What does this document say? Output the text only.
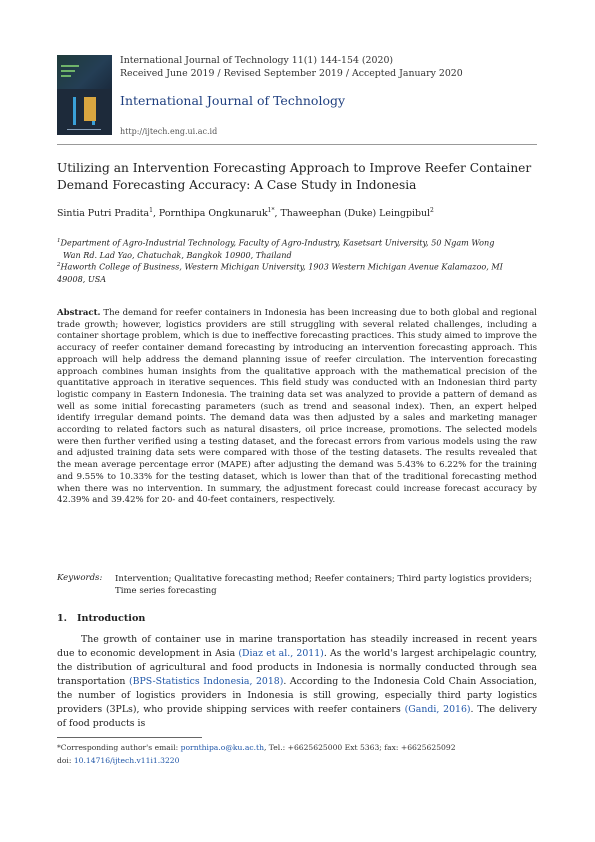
International Journal of Technology 11(1) 144-154 (2020)
Received June 2019 / Revised September 2019 / Accepted January 2020
International Journal of Technology
http://ijtech.eng.ui.ac.id
Utilizing an Intervention Forecasting Approach to Improve Reefer Container
Demand Forecasting Accuracy: A Case Study in Indonesia
Sintia Putri Pradita$^1$, Pornthipa Ongkunaruk$^{1*}$, Thaweephan (Duke) Leingpibul$^2$
$^1$Department of Agro-Industrial Technology, Faculty of Agro-Industry, Kasetsart University, 50 Ngam Wong
Wan Rd. Lad Yao, Chatuchak, Bangkok 10900, Thailand
$^2$Haworth College of Business, Western Michigan University, 1903 Western Michigan Avenue Kalamazoo, MI
49008, USA
Abstract. The demand for reefer containers in Indonesia has been increasing due to both global and regional trade growth; however, logistics providers are still struggling with several related challenges, including a container shortage problem, which is due to ineffective forecasting practices. This study aimed to improve the accuracy of reefer container demand forecasting by introducing an intervention forecasting approach. This approach will help address the demand planning issue of reefer circulation. The intervention forecasting approach combines human insights from the qualitative approach with the mathematical precision of the quantitative approach in iterative sequences. This field study was conducted with an Indonesian third party logistic company in Eastern Indonesia. The training data set was analyzed to provide a pattern of demand as well as some initial forecasting parameters (such as trend and seasonal index). Then, an expert helped identify irregular demand points. The demand data was then adjusted by a sales and marketing manager according to related factors such as natural disasters, oil price increase, promotions. The selected models were then further verified using a testing dataset, and the forecast errors from various models using the raw and adjusted training data sets were compared with those of the testing datasets. The results revealed that the mean average percentage error (MAPE) after adjusting the demand was 5.43% to 6.22% for the training and 9.55% to 10.33% for the testing dataset, which is lower than that of the traditional forecasting method when there was no intervention. In summary, the adjustment forecast could increase forecast accuracy by 42.39% and 39.42% for 20- and 40-feet containers, respectively.
Keywords: Intervention; Qualitative forecasting method; Reefer containers; Third party logistics providers; Time series forecasting
1. Introduction
The growth of container use in marine transportation has steadily increased in recent years due to economic development in Asia (Diaz et al., 2011). As the world's largest archipelagic country, the distribution of agricultural and food products in Indonesia is normally conducted through sea transportation (BPS-Statistics Indonesia, 2018). According to the Indonesia Cold Chain Association, the number of logistics providers in Indonesia is still growing, especially third party logistics providers (3PLs), who provide shipping services with reefer containers (Gandi, 2016). The delivery of food products is
*Corresponding author's email: pornthipa.o@ku.ac.th, Tel.: +6625625000 Ext 5363; fax: +6625625092
doi: 10.14716/ijtech.v11i1.3220
